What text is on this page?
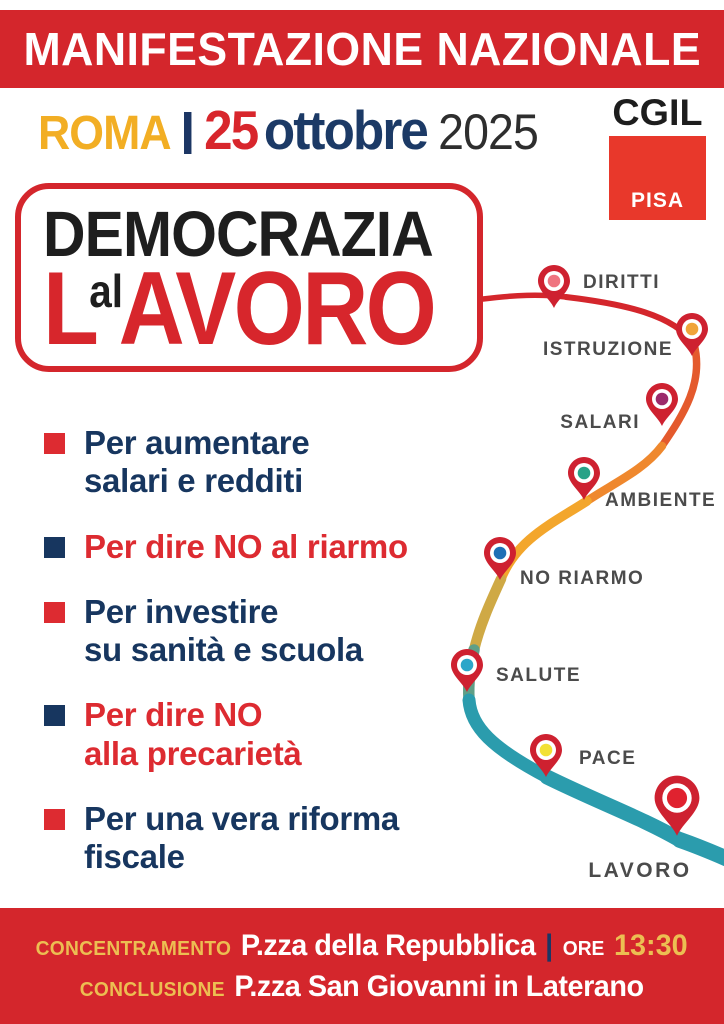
MANIFESTAZIONE NAZIONALE
ROMA 25 ottobre 2025 CGIL
PISA
DIRITTI
ISTRUZIONE
SALARI
AMBIENTE
NO RIARMO
SALUTE
PACE
LAVORO
DEMOCRAZIA
L
al
AVORO
Per aumentare
salari e redditi
Per dire NO al riarmo
Per investire
su sanità e scuola
Per dire NO
alla precarietà
Per una vera riforma
fiscale
CONCENTRAMENTO P.zza della Repubblica | ORE 13:30
CONCLUSIONE P.zza San Giovanni in Laterano
